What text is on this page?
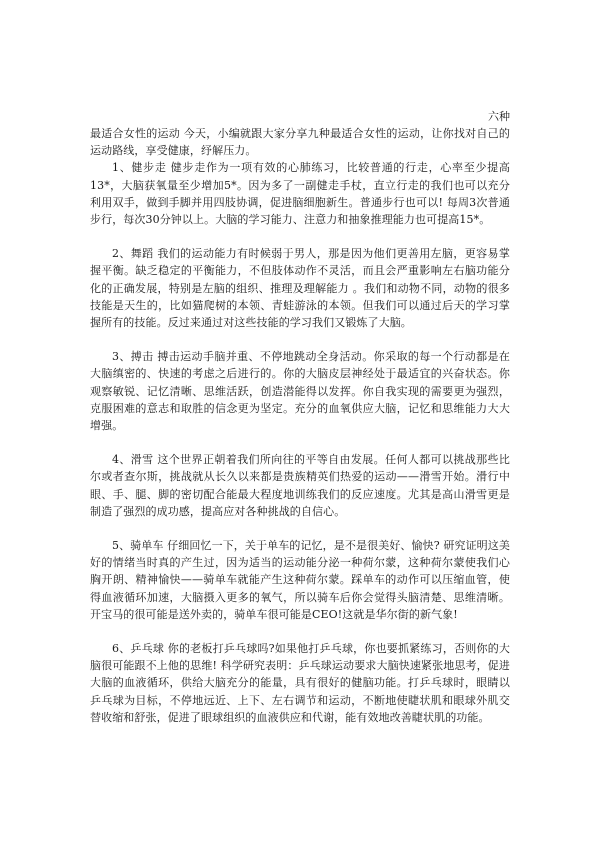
六种

最适合女性的运动 今天，小编就跟大家分享九种最适合女性的运动，让你找对自己的运动路线，享受健康，纾解压力。

1、健步走 健步走作为一项有效的心肺练习，比较普通的行走，心率至少提高13*，大脑获氧量至少增加5*。因为多了一副健走手杖，直立行走的我们也可以充分利用双手，做到手脚并用四肢协调，促进脑细胞新生。普通步行也可以! 每周3次普通步行，每次30分钟以上。大脑的学习能力、注意力和抽象推理能力也可提高15*。

2、舞蹈 我们的运动能力有时候弱于男人，那是因为他们更善用左脑，更容易掌握平衡。缺乏稳定的平衡能力，不但肢体动作不灵活，而且会严重影响左右脑功能分化的正确发展，特别是左脑的组织、推理及理解能力 。我们和动物不同，动物的很多技能是天生的，比如猫爬树的本领、青蛙游泳的本领。但我们可以通过后天的学习掌握所有的技能。反过来通过对这些技能的学习我们又锻炼了大脑。

3、搏击 搏击运动手脑并重、不停地跳动全身活动。你采取的每一个行动都是在大脑缜密的、快速的考虑之后进行的。你的大脑皮层神经处于最适宜的兴奋状态。你观察敏锐、记忆清晰、思维活跃，创造潜能得以发挥。你自我实现的需要更为强烈，克服困难的意志和取胜的信念更为坚定。充分的血氧供应大脑，记忆和思维能力大大增强。

4、滑雪 这个世界正朝着我们所向往的平等自由发展。任何人都可以挑战那些比尔或者查尔斯，挑战就从长久以来都是贵族精英们热爱的运动——滑雪开始。滑行中眼、手、腿、脚的密切配合能最大程度地训练我们的反应速度。尤其是高山滑雪更是制造了强烈的成功感，提高应对各种挑战的自信心。

5、骑单车 仔细回忆一下，关于单车的记忆，是不是很美好、愉快? 研究证明这美好的情绪当时真的产生过，因为适当的运动能分泌一种荷尔蒙，这种荷尔蒙使我们心胸开朗、精神愉快——骑单车就能产生这种荷尔蒙。踩单车的动作可以压缩血管，使得血液循环加速，大脑摄入更多的氧气，所以骑车后你会觉得头脑清楚、思维清晰。开宝马的很可能是送外卖的，骑单车很可能是CEO!这就是华尔街的新气象!

6、乒乓球 你的老板打乒乓球吗?如果他打乒乓球，你也要抓紧练习，否则你的大脑很可能跟不上他的思维! 科学研究表明：乒乓球运动要求大脑快速紧张地思考，促进大脑的血液循环，供给大脑充分的能量，具有很好的健脑功能。打乒乓球时，眼睛以乒乓球为目标，不停地远近、上下、左右调节和运动，不断地使睫状肌和眼球外肌交替收缩和舒张，促进了眼球组织的血液供应和代谢，能有效地改善睫状肌的功能。
